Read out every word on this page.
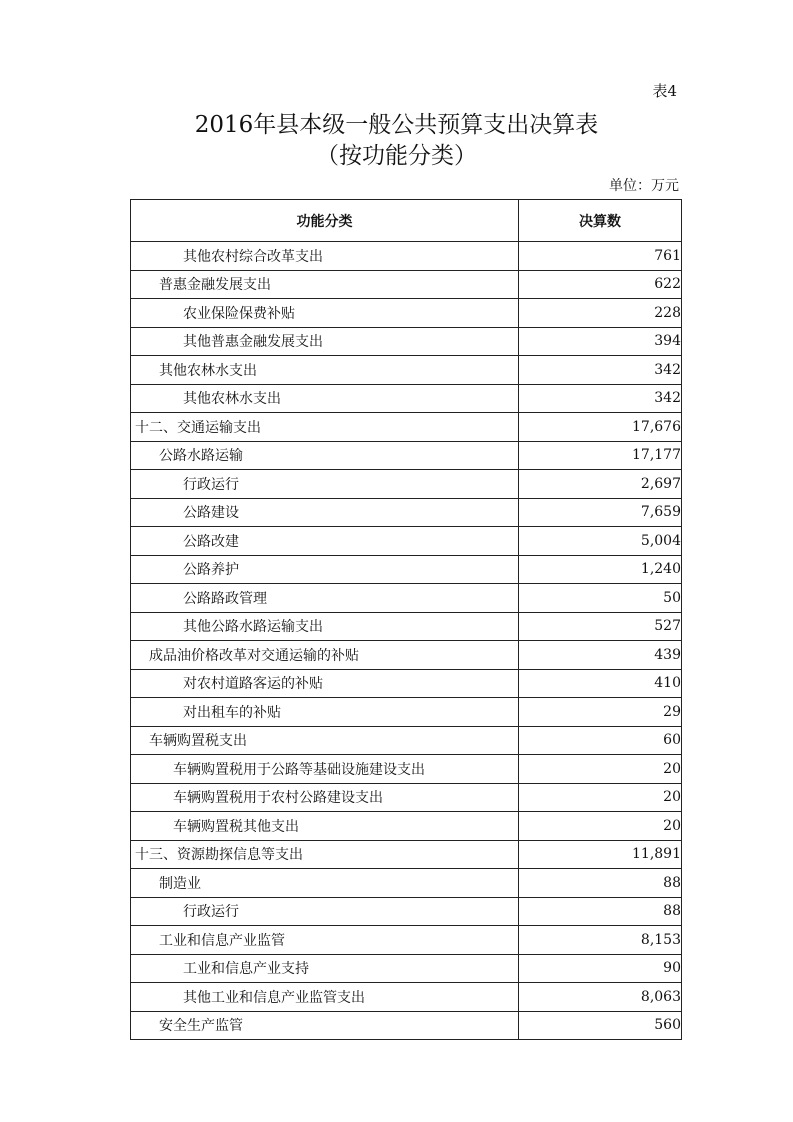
表4
2016年县本级一般公共预算支出决算表
（按功能分类）
单位：万元
功能分类	决算数
其他农村综合改革支出	761
普惠金融发展支出	622
农业保险保费补贴	228
其他普惠金融发展支出	394
其他农林水支出	342
其他农林水支出	342
十二、交通运输支出	17,676
公路水路运输	17,177
行政运行	2,697
公路建设	7,659
公路改建	5,004
公路养护	1,240
公路路政管理	50
其他公路水路运输支出	527
成品油价格改革对交通运输的补贴	439
对农村道路客运的补贴	410
对出租车的补贴	29
车辆购置税支出	60
车辆购置税用于公路等基础设施建设支出	20
车辆购置税用于农村公路建设支出	20
车辆购置税其他支出	20
十三、资源勘探信息等支出	11,891
制造业	88
行政运行	88
工业和信息产业监管	8,153
工业和信息产业支持	90
其他工业和信息产业监管支出	8,063
安全生产监管	560
